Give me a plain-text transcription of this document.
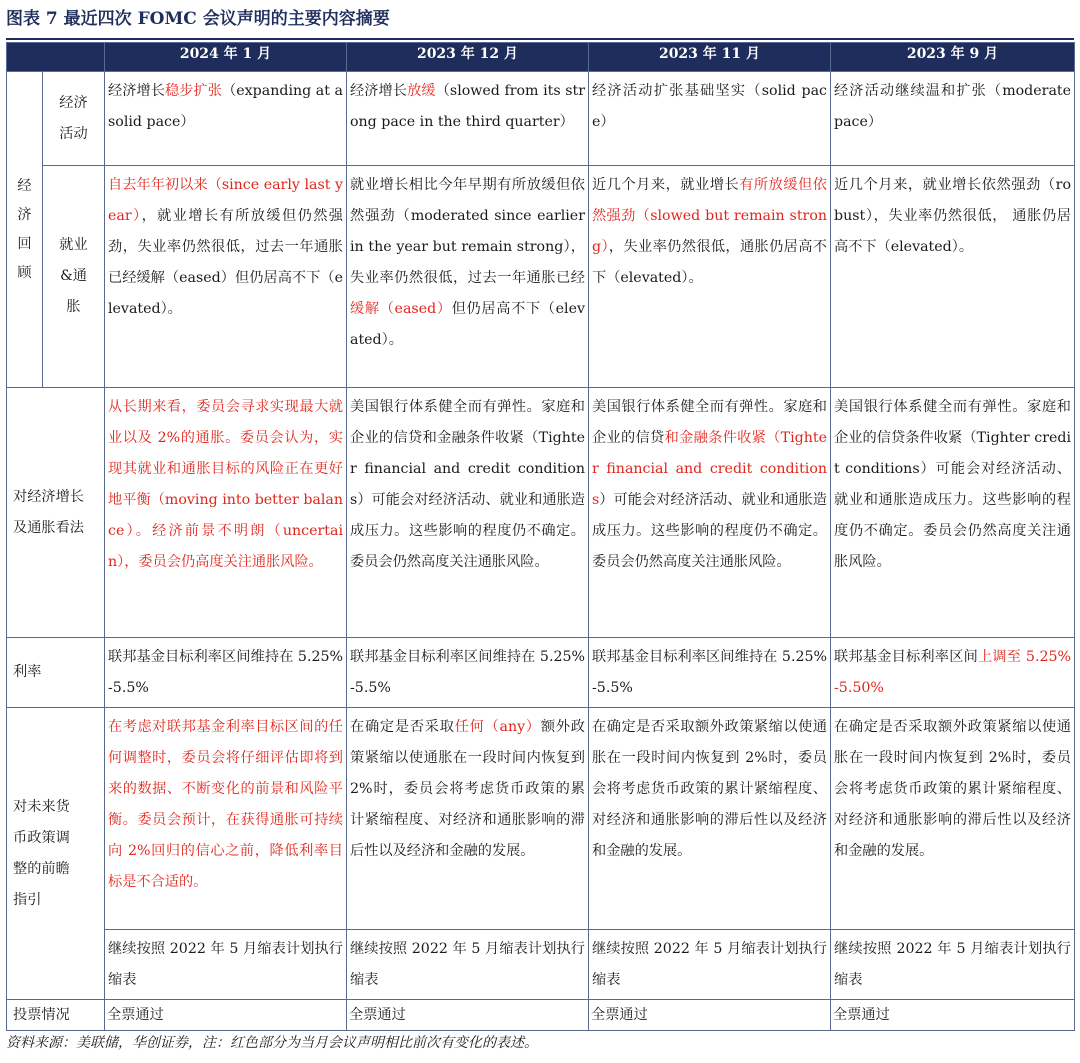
图表 7 最近四次 FOMC 会议声明的主要内容摘要
		2024 年 1 月	2023 年 12 月	2023 年 11 月	2023 年 9 月

经济回顾	经济活动	经济增长稳步扩张（expanding at a solid pace）	经济增长放缓（slowed from its strong pace in the third quarter）	经济活动扩张基础坚实（solid pace）	经济活动继续温和扩张（moderate pace）

	就业&通胀	自去年年初以来（since early last year），就业增长有所放缓但仍然强劲，失业率仍然很低，过去一年通胀已经缓解（eased）但仍居高不下（elevated）。	就业增长相比今年早期有所放缓但依然强劲（moderated since earlier in the year but remain strong），失业率仍然很低，过去一年通胀已经缓解（eased）但仍居高不下（elevated）。	近几个月来，就业增长有所放缓但依然强劲（slowed but remain strong），失业率仍然很低，通胀仍居高不下（elevated）。	近几个月来，就业增长依然强劲（robust），失业率仍然很低， 通胀仍居高不下（elevated）。

对经济增长及通胀看法		从长期来看，委员会寻求实现最大就业以及 2%的通胀。委员会认为，实现其就业和通胀目标的风险正在更好地平衡（moving into better balance）。经济前景不明朗（uncertain），委员会仍高度关注通胀风险。	美国银行体系健全而有弹性。家庭和企业的信贷和金融条件收紧（Tighter financial and credit conditions）可能会对经济活动、就业和通胀造成压力。这些影响的程度仍不确定。委员会仍然高度关注通胀风险。	美国银行体系健全而有弹性。家庭和企业的信贷和金融条件收紧（Tighter financial and credit conditions）可能会对经济活动、就业和通胀造成压力。这些影响的程度仍不确定。委员会仍然高度关注通胀风险。	美国银行体系健全而有弹性。家庭和企业的信贷条件收紧（Tighter credit conditions）可能会对经济活动、就业和通胀造成压力。这些影响的程度仍不确定。委员会仍然高度关注通胀风险。

利率		联邦基金目标利率区间维持在 5.25%-5.5%	联邦基金目标利率区间维持在 5.25%-5.5%	联邦基金目标利率区间维持在 5.25%-5.5%	联邦基金目标利率区间上调至 5.25%-5.50%

对未来货币政策调整的前瞻指引		在考虑对联邦基金利率目标区间的任何调整时，委员会将仔细评估即将到来的数据、不断变化的前景和风险平衡。委员会预计，在获得通胀可持续向 2%回归的信心之前，降低利率目标是不合适的。	在确定是否采取任何（any）额外政策紧缩以使通胀在一段时间内恢复到 2%时，委员会将考虑货币政策的累计紧缩程度、对经济和通胀影响的滞后性以及经济和金融的发展。	在确定是否采取额外政策紧缩以使通胀在一段时间内恢复到 2%时，委员会将考虑货币政策的累计紧缩程度、对经济和通胀影响的滞后性以及经济和金融的发展。	在确定是否采取额外政策紧缩以使通胀在一段时间内恢复到 2%时，委员会将考虑货币政策的累计紧缩程度、对经济和通胀影响的滞后性以及经济和金融的发展。

		继续按照 2022 年 5 月缩表计划执行缩表	继续按照 2022 年 5 月缩表计划执行缩表	继续按照 2022 年 5 月缩表计划执行缩表	继续按照 2022 年 5 月缩表计划执行缩表

投票情况		全票通过	全票通过	全票通过	全票通过
资料来源：美联储，华创证券，注：红色部分为当月会议声明相比前次有变化的表述。
